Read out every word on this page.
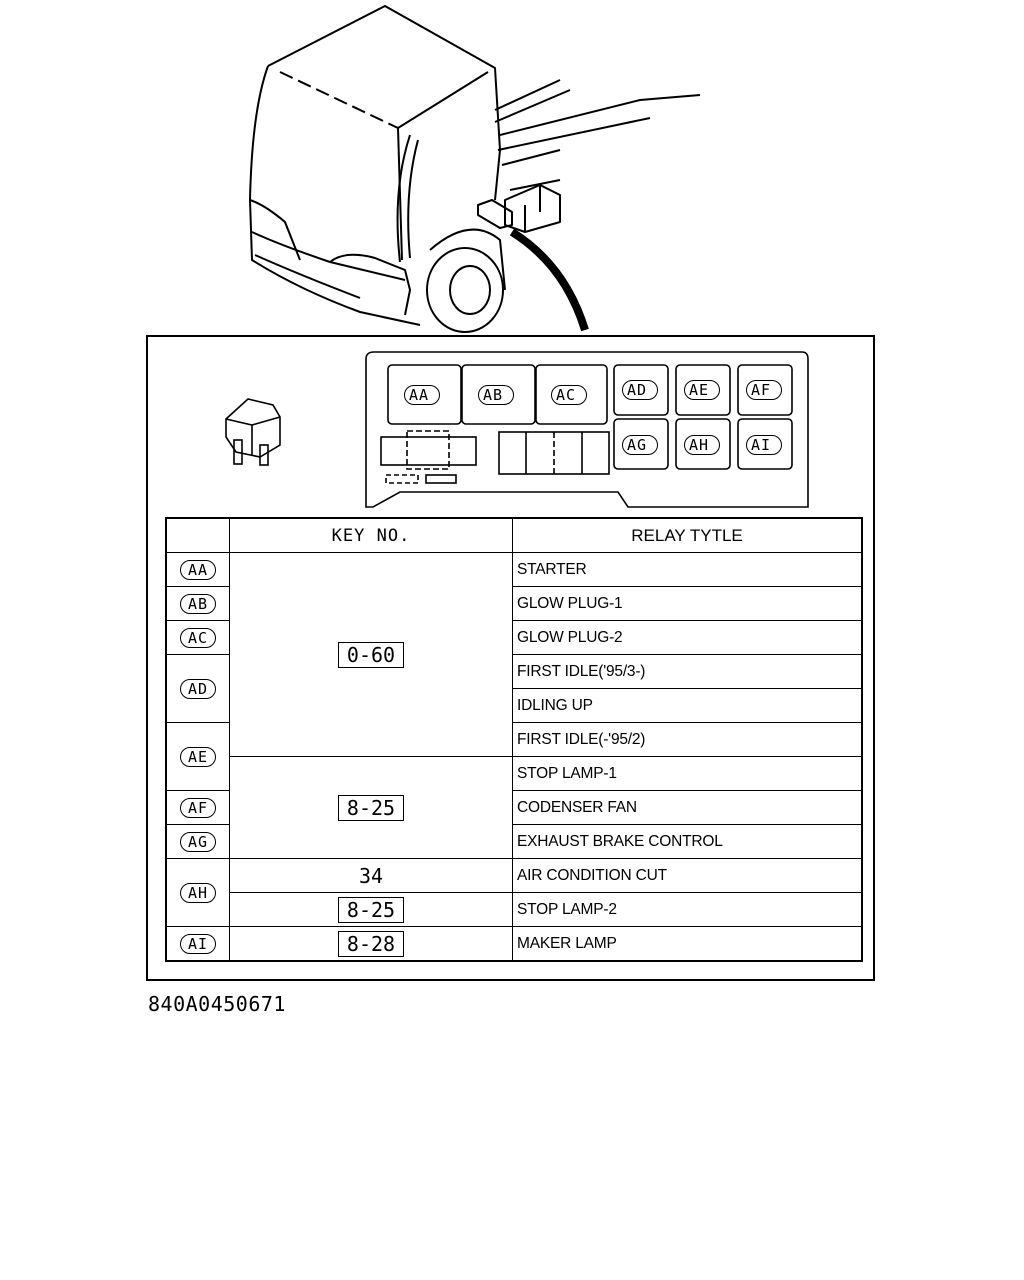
AA	AB	AC	AD	AE	AF
AG	AH	AI
	KEY NO.	RELAY TYTLE
AA	0-60	STARTER
AB		GLOW PLUG-1
AC		GLOW PLUG-2
AD		FIRST IDLE('95/3-)
		IDLING UP
AE		FIRST IDLE(-'95/2)
	8-25	STOP LAMP-1
AF		CODENSER FAN
AG		EXHAUST BRAKE CONTROL
AH	34	AIR CONDITION CUT
	8-25	STOP LAMP-2
AI	8-28	MAKER LAMP
840A0450671
